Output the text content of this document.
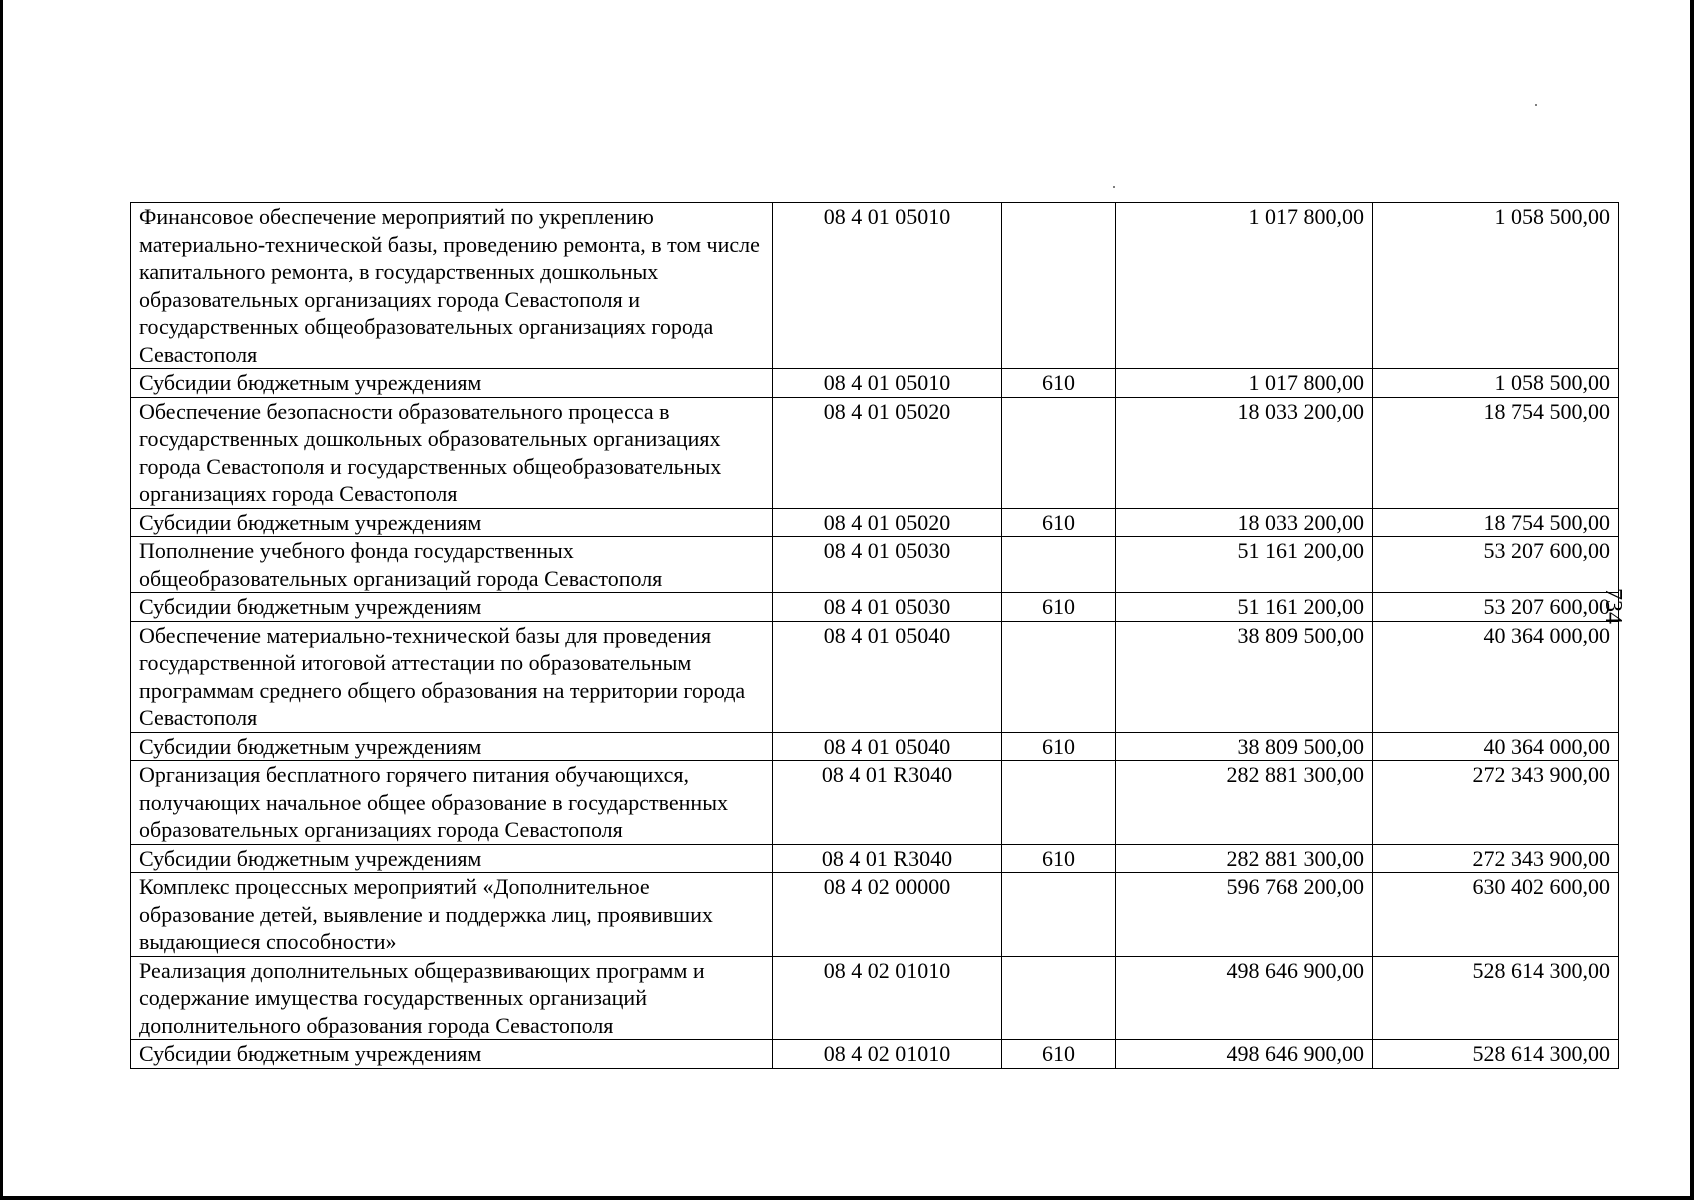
Финансовое обеспечение мероприятий по укреплению материально-технической базы, проведению ремонта, в том числе капитального ремонта, в государственных дошкольных образовательных организациях города Севастополя и государственных общеобразовательных организациях города Севастополя	08 4 01 05010		1 017 800,00	1 058 500,00
Субсидии бюджетным учреждениям	08 4 01 05010	610	1 017 800,00	1 058 500,00
Обеспечение безопасности образовательного процесса в государственных дошкольных образовательных организациях города Севастополя и государственных общеобразовательных организациях города Севастополя	08 4 01 05020		18 033 200,00	18 754 500,00
Субсидии бюджетным учреждениям	08 4 01 05020	610	18 033 200,00	18 754 500,00
Пополнение учебного фонда государственных общеобразовательных организаций города Севастополя	08 4 01 05030		51 161 200,00	53 207 600,00
Субсидии бюджетным учреждениям	08 4 01 05030	610	51 161 200,00	53 207 600,00
Обеспечение материально-технической базы для проведения государственной итоговой аттестации по образовательным программам среднего общего образования на территории города Севастополя	08 4 01 05040		38 809 500,00	40 364 000,00
Субсидии бюджетным учреждениям	08 4 01 05040	610	38 809 500,00	40 364 000,00
Организация бесплатного горячего питания обучающихся, получающих начальное общее образование в государственных образовательных организациях города Севастополя	08 4 01 R3040		282 881 300,00	272 343 900,00
Субсидии бюджетным учреждениям	08 4 01 R3040	610	282 881 300,00	272 343 900,00
Комплекс процессных мероприятий «Дополнительное образование детей, выявление и поддержка лиц, проявивших выдающиеся способности»	08 4 02 00000		596 768 200,00	630 402 600,00
Реализация дополнительных общеразвивающих программ и содержание имущества государственных организаций дополнительного образования города Севастополя	08 4 02 01010		498 646 900,00	528 614 300,00
Субсидии бюджетным учреждениям	08 4 02 01010	610	498 646 900,00	528 614 300,00
734
